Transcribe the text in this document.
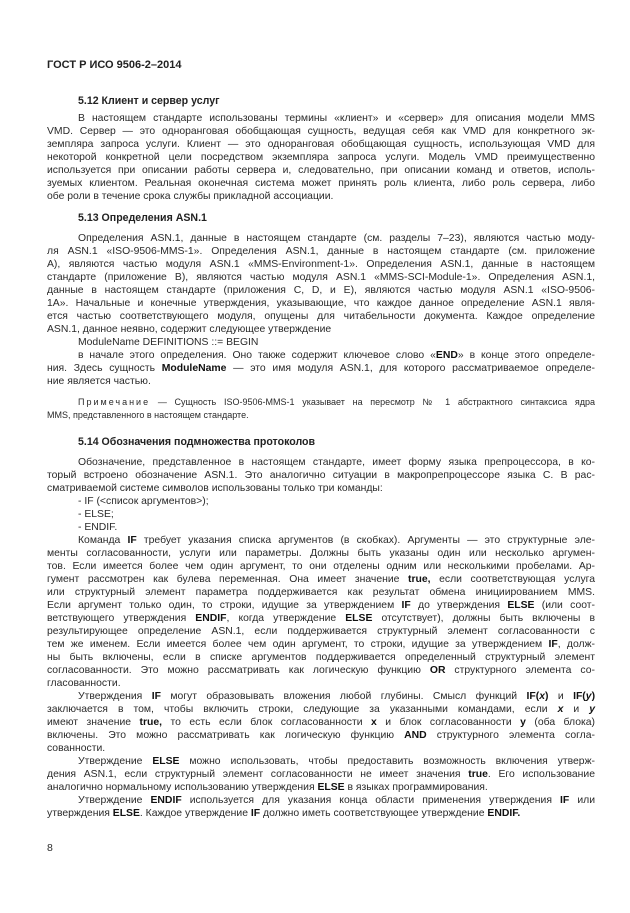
ГОСТ Р ИСО 9506-2–2014
5.12 Клиент и сервер услуг
В настоящем стандарте использованы термины «клиент» и «сервер» для описания модели MMS
VMD. Сервер — это одноранговая обобщающая сущность, ведущая себя как VMD для конкретного эк-
земпляра запроса услуги. Клиент — это одноранговая обобщающая сущность, использующая VMD для
некоторой конкретной цели посредством экземпляра запроса услуги. Модель VMD преимущественно
используется при описании работы сервера и, следовательно, при описании команд и ответов, исполь-
зуемых клиентом. Реальная оконечная система может принять роль клиента, либо роль сервера, либо
обе роли в течение срока службы прикладной ассоциации.
5.13 Определения ASN.1
Определения ASN.1, данные в настоящем стандарте (см. разделы 7–23), являются частью моду-
ля ASN.1 «ISO-9506-MMS-1». Определения ASN.1, данные в настоящем стандарте (см. приложение
A), являются частью модуля ASN.1 «MMS-Environment-1». Определения ASN.1, данные в настоящем
стандарте (приложение B), являются частью модуля ASN.1 «MMS-SCI-Module-1». Определения ASN.1,
данные в настоящем стандарте (приложения C, D, и E), являются частью модуля ASN.1 «ISO-9506-
1A». Начальные и конечные утверждения, указывающие, что каждое данное определение ASN.1 явля-
ется частью соответствующего модуля, опущены для читабельности документа. Каждое определение
ASN.1, данное неявно, содержит следующее утверждение
ModuleName DEFINITIONS ::= BEGIN
в начале этого определения. Оно также содержит ключевое слово «END» в конце этого определе-
ния. Здесь сущность ModuleName — это имя модуля ASN.1, для которого рассматриваемое определе-
ние является частью.
Примечание — Сущность ISO-9506-MMS-1 указывает на пересмотр № 1 абстрактного синтаксиса ядра
MMS, представленного в настоящем стандарте.
5.14 Обозначения подмножества протоколов
Обозначение, представленное в настоящем стандарте, имеет форму языка препроцессора, в ко-
торый встроено обозначение ASN.1. Это аналогично ситуации в макропрепроцессоре языка C. В рас-
сматриваемой системе символов использованы только три команды:
- IF (<список аргументов>);
- ELSE;
- ENDIF.
Команда IF требует указания списка аргументов (в скобках). Аргументы — это структурные эле-
менты согласованности, услуги или параметры. Должны быть указаны один или несколько аргумен-
тов. Если имеется более чем один аргумент, то они отделены одним или несколькими пробелами. Ар-
гумент рассмотрен как булева переменная. Она имеет значение true, если соответствующая услуга
или структурный элемент параметра поддерживается как результат обмена инициированием MMS.
Если аргумент только один, то строки, идущие за утверждением IF до утверждения ELSE (или соот-
ветствующего утверждения ENDIF, когда утверждение ELSE отсутствует), должны быть включены в
результирующее определение ASN.1, если поддерживается структурный элемент согласованности с
тем же именем. Если имеется более чем один аргумент, то строки, идущие за утверждением IF, долж-
ны быть включены, если в списке аргументов поддерживается определенный структурный элемент
согласованности. Это можно рассматривать как логическую функцию OR структурного элемента со-
гласованности.
Утверждения IF могут образовывать вложения любой глубины. Смысл функций IF(x) и IF(y)
заключается в том, чтобы включить строки, следующие за указанными командами, если x и y
имеют значение true, то есть если блок согласованности x и блок согласованности y (оба блока)
включены. Это можно рассматривать как логическую функцию AND структурного элемента согла-
сованности.
Утверждение ELSE можно использовать, чтобы предоставить возможность включения утверж-
дения ASN.1, если структурный элемент согласованности не имеет значения true. Его использование
аналогично нормальному использованию утверждения ELSE в языках программирования.
Утверждение ENDIF используется для указания конца области применения утверждения IF или
утверждения ELSE. Каждое утверждение IF должно иметь соответствующее утверждение ENDIF.
8
